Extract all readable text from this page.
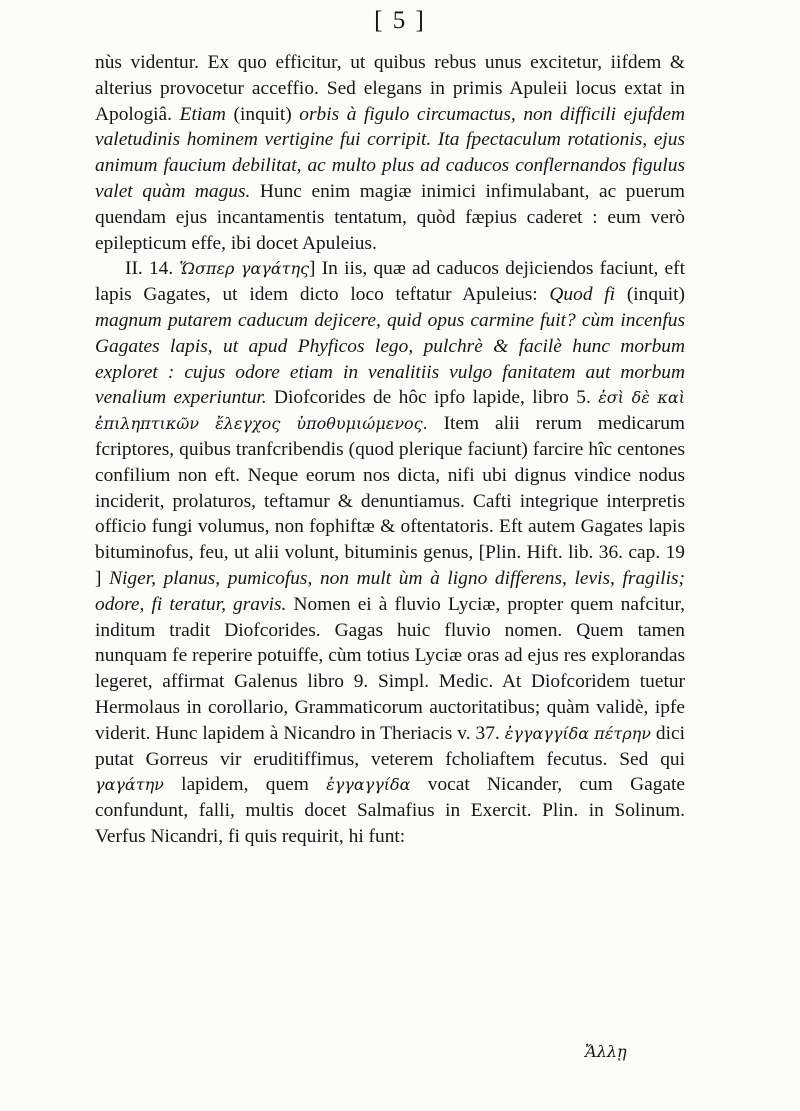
[ 5 ]

nùs videntur. Ex quo efficitur, ut quibus rebus unus excitetur, iifdem & alterius provocetur acceffio. Sed elegans in primis Apuleii locus extat in Apologiâ. Etiam (inquit) orbis à figulo circumactus, non difficili ejufdem valetudinis hominem vertigine fui corripit. Ita fpectaculum rotationis, ejus animum faucium debilitat, ac multo plus ad caducos conflernandos figulus valet quàm magus. Hunc enim magiæ inimici infimulabant, ac puerum quendam ejus incantamentis tentatum, quòd fæpius caderet : eum verò epilepticum effe, ibi docet Apuleius.

II. 14. Ὥσπερ γαγάτης] In iis, quæ ad caducos dejiciendos faciunt, eft lapis Gagates, ut idem dicto loco teftatur Apuleius: Quod fi (inquit) magnum putarem caducum dejicere, quid opus carmine fuit? cùm incenfus Gagates lapis, ut apud Phyficos lego, pulchrè & facilè hunc morbum exploret : cujus odore etiam in venalitiis vulgo fanitatem aut morbum venalium experiuntur. Diofcorides de hôc ipfo lapide, libro 5. ἐσὶ δὲ καὶ ἐπιληπτικῶν ἔλεγχος ὑποθυμιώμενος. Item alii rerum medicarum fcriptores, quibus tranfcribendis (quod plerique faciunt) farcire hîc centones confilium non eft. Neque eorum nos dicta, nifi ubi dignus vindice nodus inciderit, prolaturos, teftamur & denuntiamus. Cafti integrique interpretis officio fungi volumus, non fophiftæ & oftentatoris. Eft autem Gagates lapis bituminofus, feu, ut alii volunt, bituminis genus, [Plin. Hift. lib. 36. cap. 19 ] Niger, planus, pumicofus, non mult ùm à ligno differens, levis, fragilis; odore, fi teratur, gravis. Nomen ei à fluvio Lyciæ, propter quem nafcitur, inditum tradit Diofcorides. Gagas huic fluvio nomen. Quem tamen nunquam fe reperire potuiffe, cùm totius Lyciæ oras ad ejus res explorandas legeret, affirmat Galenus libro 9. Simpl. Medic. At Diofcoridem tuetur Hermolaus in corollario, Grammaticorum auctoritatibus; quàm validè, ipfe viderit. Hunc lapidem à Nicandro in Theriacis v. 37. ἐγγαγγίδα πέτρην dici putat Gorreus vir eruditiffimus, veterem fcholiaftem fecutus. Sed qui γαγάτην lapidem, quem ἐγγαγγίδα vocat Nicander, cum Gagate confundunt, falli, multis docet Salmafius in Exercit. Plin. in Solinum. Verfus Nicandri, fi quis requirit, hi funt:

Ἄλλῃ
